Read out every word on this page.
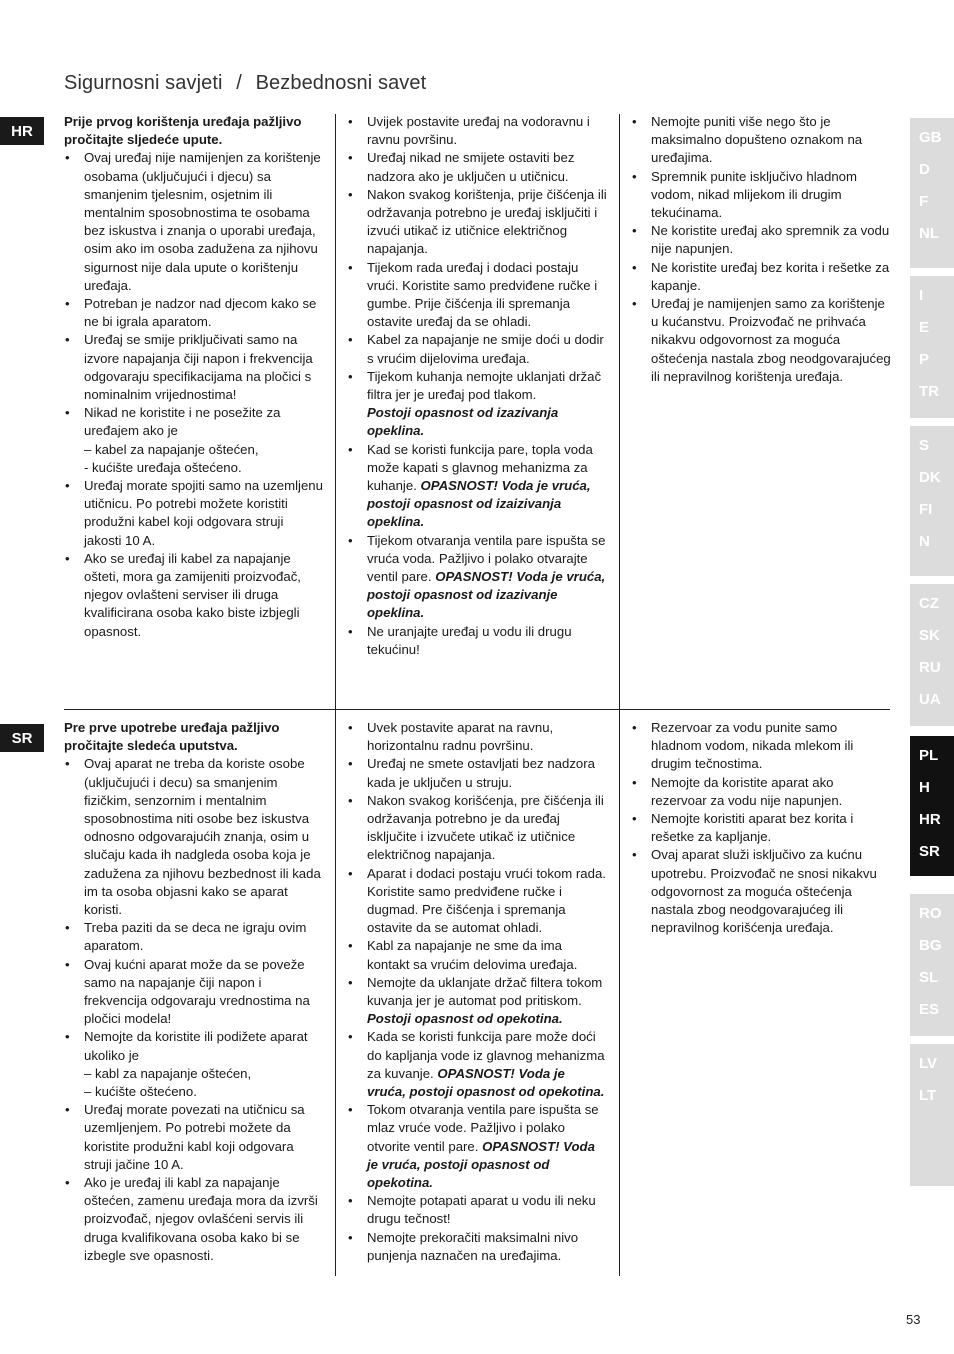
Sigurnosni savjeti / Bezbednosni savet
HR

Prije prvog korištenja uređaja pažljivo pročitajte sljedeće upute.

• Ovaj uređaj nije namijenjen za korištenje osobama (uključujući i djecu) sa smanjenim tjelesnim, osjetnim ili mentalnim sposobnostima te osobama bez iskustva i znanja o uporabi uređaja, osim ako im osoba zadužena za njihovu sigurnost nije dala upute o korištenju uređaja.
• Potreban je nadzor nad djecom kako se ne bi igrala aparatom.
• Uređaj se smije priključivati samo na izvore napajanja čiji napon i frekvencija odgovaraju specifikacijama na pločici s nominalnim vrijednostima!
• Nikad ne koristite i ne posežite za uređajem ako je
– kabel za napajanje oštećen,
- kućište uređaja oštećeno.
• Uređaj morate spojiti samo na uzemljenu utičnicu. Po potrebi možete koristiti produžni kabel koji odgovara struji jakosti 10 A.
• Ako se uređaj ili kabel za napajanje ošteti, mora ga zamijeniti proizvođač, njegov ovlašteni serviser ili druga kvalificirana osoba kako biste izbjegli opasnost.
• Uvijek postavite uređaj na vodoravnu i ravnu površinu.
• Uređaj nikad ne smijete ostaviti bez nadzora ako je uključen u utičnicu.
• Nakon svakog korištenja, prije čišćenja ili održavanja potrebno je uređaj isključiti i izvući utikač iz utičnice električnog napajanja.
• Tijekom rada uređaj i dodaci postaju vrući. Koristite samo predviđene ručke i gumbe. Prije čišćenja ili spremanja ostavite uređaj da se ohladi.
• Kabel za napajanje ne smije doći u dodir s vrućim dijelovima uređaja.
• Tijekom kuhanja nemojte uklanjati držač filtra jer je uređaj pod tlakom.
Postoji opasnost od izazivanja opeklina.
• Kad se koristi funkcija pare, topla voda može kapati s glavnog mehanizma za kuhanje. OPASNOST! Voda je vruća, postoji opasnost od izaizivanja opeklina.
• Tijekom otvaranja ventila pare ispušta se vruća voda. Pažljivo i polako otvarajte ventil pare. OPASNOST! Voda je vruća, postoji opasnost od izazivanje opeklina.
• Ne uranjajte uređaj u vodu ili drugu tekućinu!
• Nemojte puniti više nego što je maksimalno dopušteno oznakom na uređajima.
• Spremnik punite isključivo hladnom vodom, nikad mlijekom ili drugim tekućinama.
• Ne koristite uređaj ako spremnik za vodu nije napunjen.
• Ne koristite uređaj bez korita i rešetke za kapanje.
• Uređaj je namijenjen samo za korištenje u kućanstvu. Proizvođač ne prihvaća nikakvu odgovornost za moguća oštećenja nastala zbog neodgovarajućeg ili nepravilnog korištenja uređaja.
SR

Pre prve upotrebe uređaja pažljivo pročitajte sledeća uputstva.

• Ovaj aparat ne treba da koriste osobe (uključujući i decu) sa smanjenim fizičkim, senzornim i mentalnim sposobnostima niti osobe bez iskustva odnosno odgovarajućih znanja, osim u slučaju kada ih nadgleda osoba koja je zadužena za njihovu bezbednost ili kada im ta osoba objasni kako se aparat koristi.
• Treba paziti da se deca ne igraju ovim aparatom.
• Ovaj kućni aparat može da se poveže samo na napajanje čiji napon i frekvencija odgovaraju vrednostima na pločici modela!
• Nemojte da koristite ili podižete aparat ukoliko je
– kabl za napajanje oštećen,
– kućište oštećeno.
• Uređaj morate povezati na utičnicu sa uzemljenjem. Po potrebi možete da koristite produžni kabl koji odgovara struji jačine 10 A.
• Ako je uređaj ili kabl za napajanje oštećen, zamenu uređaja mora da izvrši proizvođač, njegov ovlašćeni servis ili druga kvalifikovana osoba kako bi se izbegle sve opasnosti.
• Uvek postavite aparat na ravnu, horizontalnu radnu površinu.
• Uređaj ne smete ostavljati bez nadzora kada je uključen u struju.
• Nakon svakog korišćenja, pre čišćenja ili održavanja potrebno je da uređaj isključite i izvučete utikač iz utičnice električnog napajanja.
• Aparat i dodaci postaju vrući tokom rada. Koristite samo predviđene ručke i dugmad. Pre čišćenja i spremanja ostavite da se automat ohladi.
• Kabl za napajanje ne sme da ima kontakt sa vrućim delovima uređaja.
• Nemojte da uklanjate držač filtera tokom kuvanja jer je automat pod pritiskom. Postoji opasnost od opekotina.
• Kada se koristi funkcija pare može doći do kapljanja vode iz glavnog mehanizma za kuvanje. OPASNOST! Voda je vruća, postoji opasnost od opekotina.
• Tokom otvaranja ventila pare ispušta se mlaz vruće vode. Pažljivo i polako otvorite ventil pare. OPASNOST! Voda je vruća, postoji opasnost od opekotina.
• Nemojte potapati aparat u vodu ili neku drugu tečnost!
• Nemojte prekoračiti maksimalni nivo punjenja naznačen na uređajima.
• Rezervoar za vodu punite samo hladnom vodom, nikada mlekom ili drugim tečnostima.
• Nemojte da koristite aparat ako rezervoar za vodu nije napunjen.
• Nemojte koristiti aparat bez korita i rešetke za kapljanje.
• Ovaj aparat služi isključivo za kućnu upotrebu. Proizvođač ne snosi nikakvu odgovornost za moguća oštećenja nastala zbog neodgovarajućeg ili nepravilnog korišćenja uređaja.
GB
D
F
NL
I
E
P
TR
S
DK
FI
N
CZ
SK
RU
UA
PL
H
HR
SR
RO
BG
SL
ES
LV
LT
53
